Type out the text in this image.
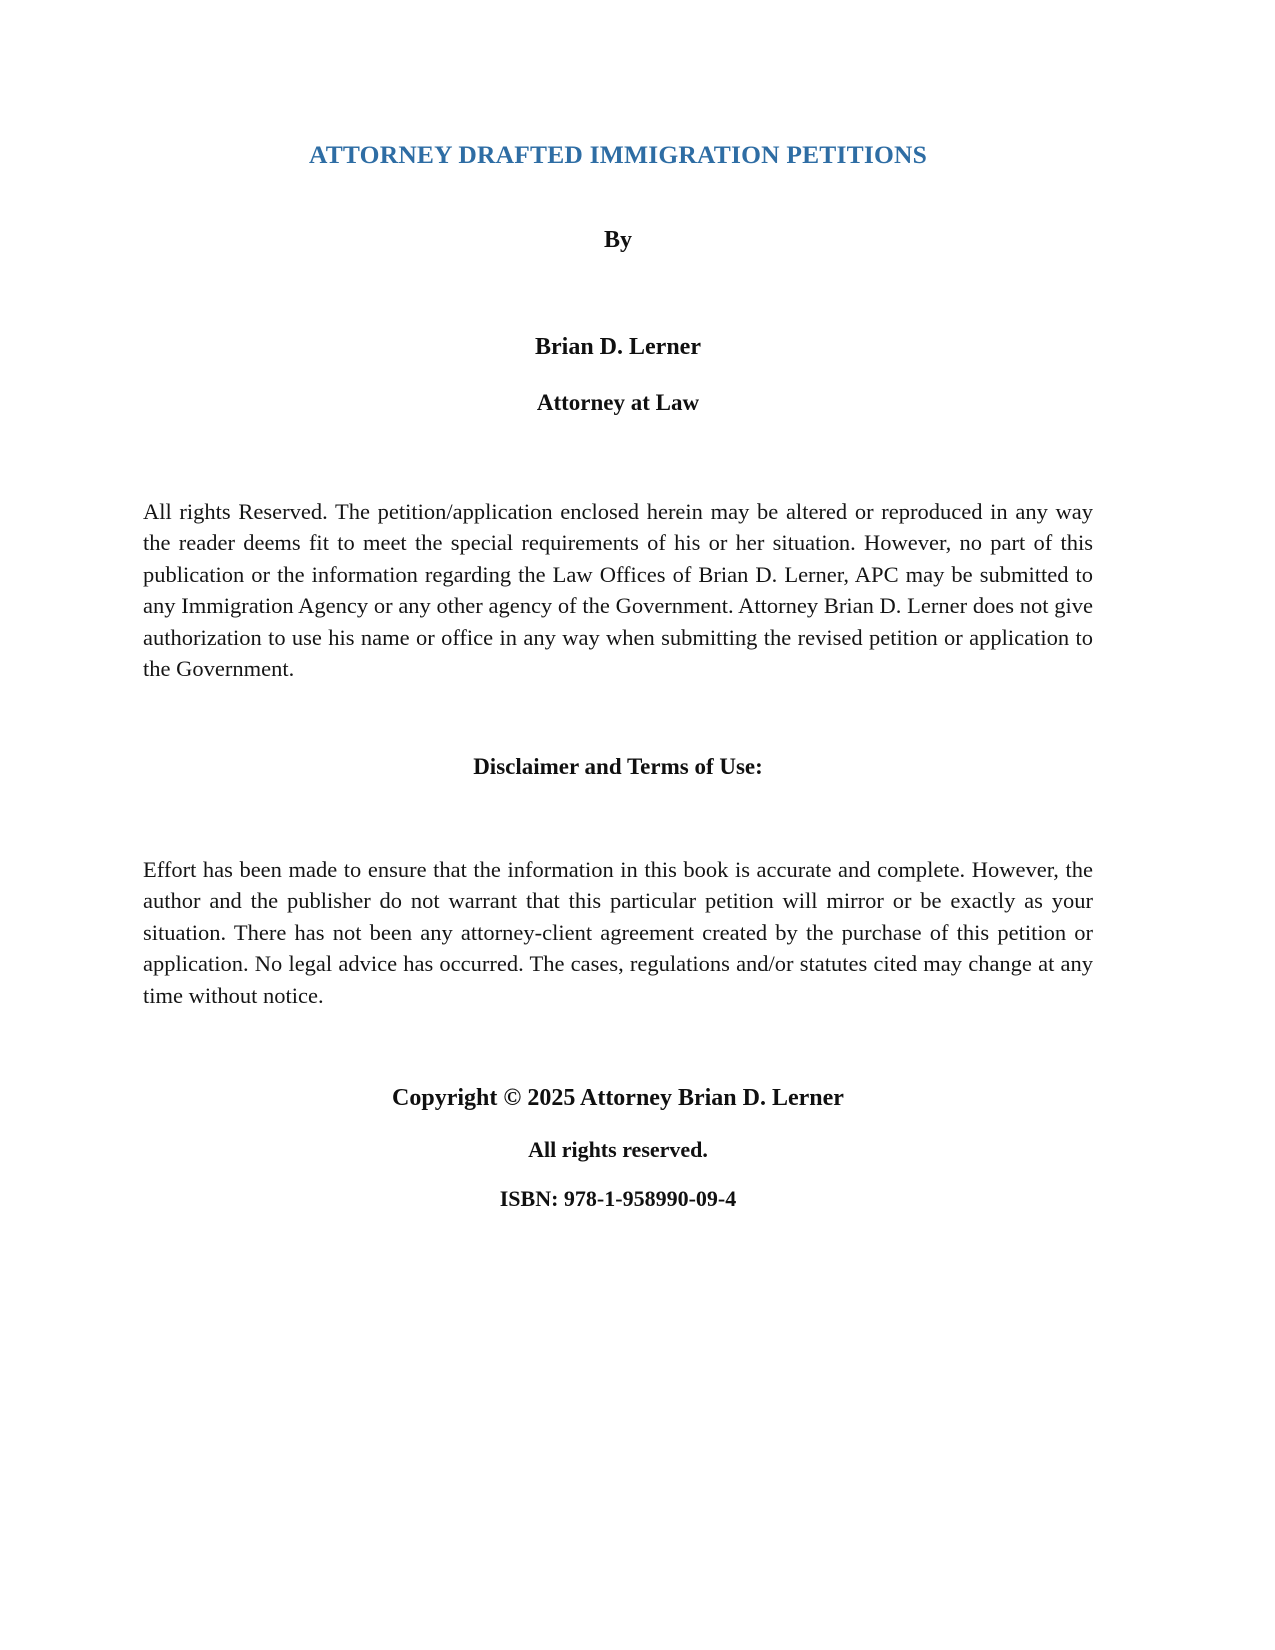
ATTORNEY DRAFTED IMMIGRATION PETITIONS

By

Brian D. Lerner

Attorney at Law

All rights Reserved. The petition/application enclosed herein may be altered or reproduced in any way the reader deems fit to meet the special requirements of his or her situation. However, no part of this publication or the information regarding the Law Offices of Brian D. Lerner, APC may be submitted to any Immigration Agency or any other agency of the Government. Attorney Brian D. Lerner does not give authorization to use his name or office in any way when submitting the revised petition or application to the Government.

Disclaimer and Terms of Use:

Effort has been made to ensure that the information in this book is accurate and complete. However, the author and the publisher do not warrant that this particular petition will mirror or be exactly as your situation. There has not been any attorney-client agreement created by the purchase of this petition or application. No legal advice has occurred. The cases, regulations and/or statutes cited may change at any time without notice.

Copyright © 2025 Attorney Brian D. Lerner

All rights reserved.

ISBN: 978-1-958990-09-4
